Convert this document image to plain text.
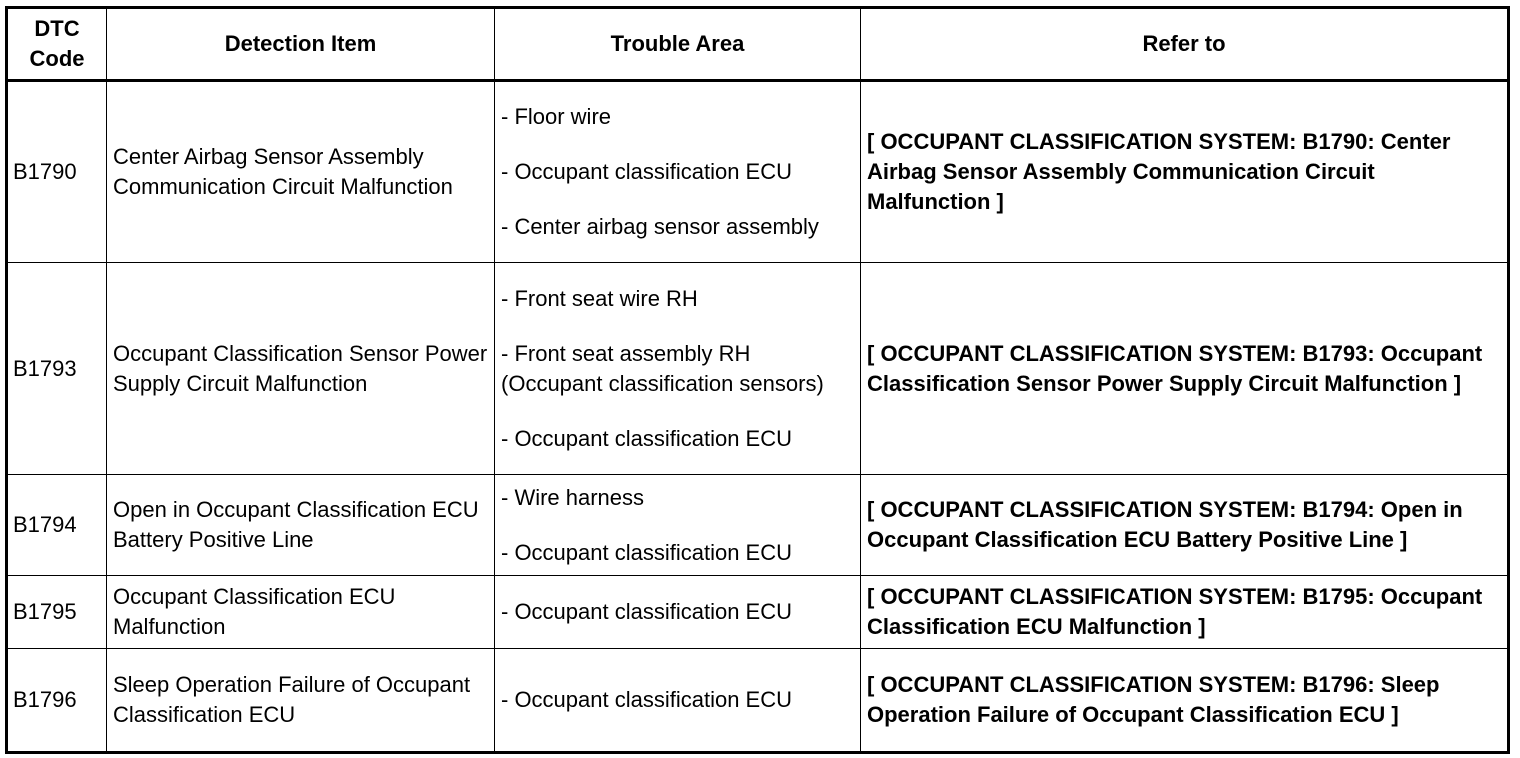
DTC
Code	Detection Item	Trouble Area	Refer to
B1790	Center Airbag Sensor Assembly Communication Circuit Malfunction	- Floor wire

- Occupant classification ECU

- Center airbag sensor assembly	[ OCCUPANT CLASSIFICATION SYSTEM: B1790: Center Airbag Sensor Assembly Communication Circuit Malfunction ]
B1793	Occupant Classification Sensor Power Supply Circuit Malfunction	- Front seat wire RH

- Front seat assembly RH (Occupant classification sensors)

- Occupant classification ECU	[ OCCUPANT CLASSIFICATION SYSTEM: B1793: Occupant Classification Sensor Power Supply Circuit Malfunction ]
B1794	Open in Occupant Classification ECU Battery Positive Line	- Wire harness

- Occupant classification ECU	[ OCCUPANT CLASSIFICATION SYSTEM: B1794: Open in Occupant Classification ECU Battery Positive Line ]
B1795	Occupant Classification ECU Malfunction	- Occupant classification ECU	[ OCCUPANT CLASSIFICATION SYSTEM: B1795: Occupant Classification ECU Malfunction ]
B1796	Sleep Operation Failure of Occupant Classification ECU	- Occupant classification ECU	[ OCCUPANT CLASSIFICATION SYSTEM: B1796: Sleep Operation Failure of Occupant Classification ECU ]
